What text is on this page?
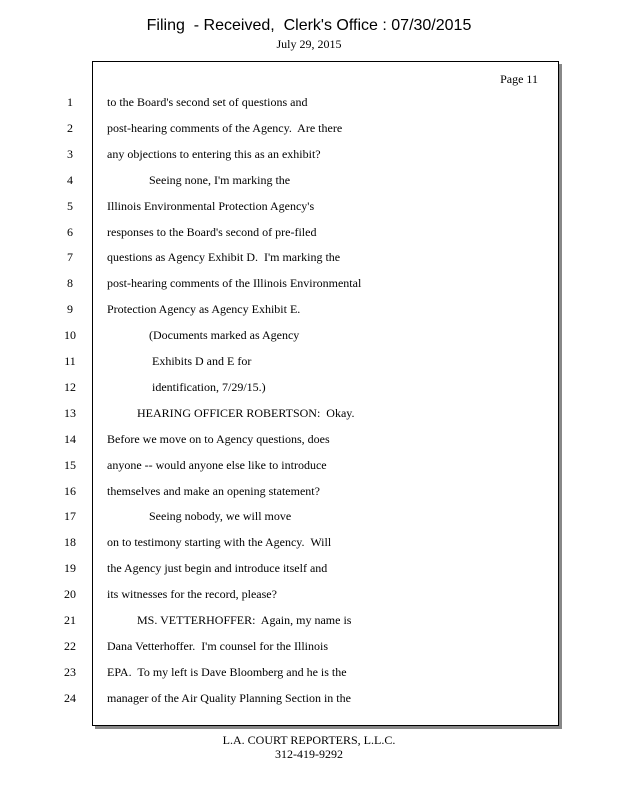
Filing  - Received,  Clerk's Office : 07/30/2015
July 29, 2015
Page 11
1	to the Board's second set of questions and
2	post-hearing comments of the Agency.  Are there
3	any objections to entering this as an exhibit?
4	Seeing none, I'm marking the
5	Illinois Environmental Protection Agency's
6	responses to the Board's second of pre-filed
7	questions as Agency Exhibit D.  I'm marking the
8	post-hearing comments of the Illinois Environmental
9	Protection Agency as Agency Exhibit E.
10	(Documents marked as Agency
11	Exhibits D and E for
12	identification, 7/29/15.)
13	HEARING OFFICER ROBERTSON:  Okay.
14	Before we move on to Agency questions, does
15	anyone -- would anyone else like to introduce
16	themselves and make an opening statement?
17	Seeing nobody, we will move
18	on to testimony starting with the Agency.  Will
19	the Agency just begin and introduce itself and
20	its witnesses for the record, please?
21	MS. VETTERHOFFER:  Again, my name is
22	Dana Vetterhoffer.  I'm counsel for the Illinois
23	EPA.  To my left is Dave Bloomberg and he is the
24	manager of the Air Quality Planning Section in the
L.A. COURT REPORTERS, L.L.C.
312-419-9292
